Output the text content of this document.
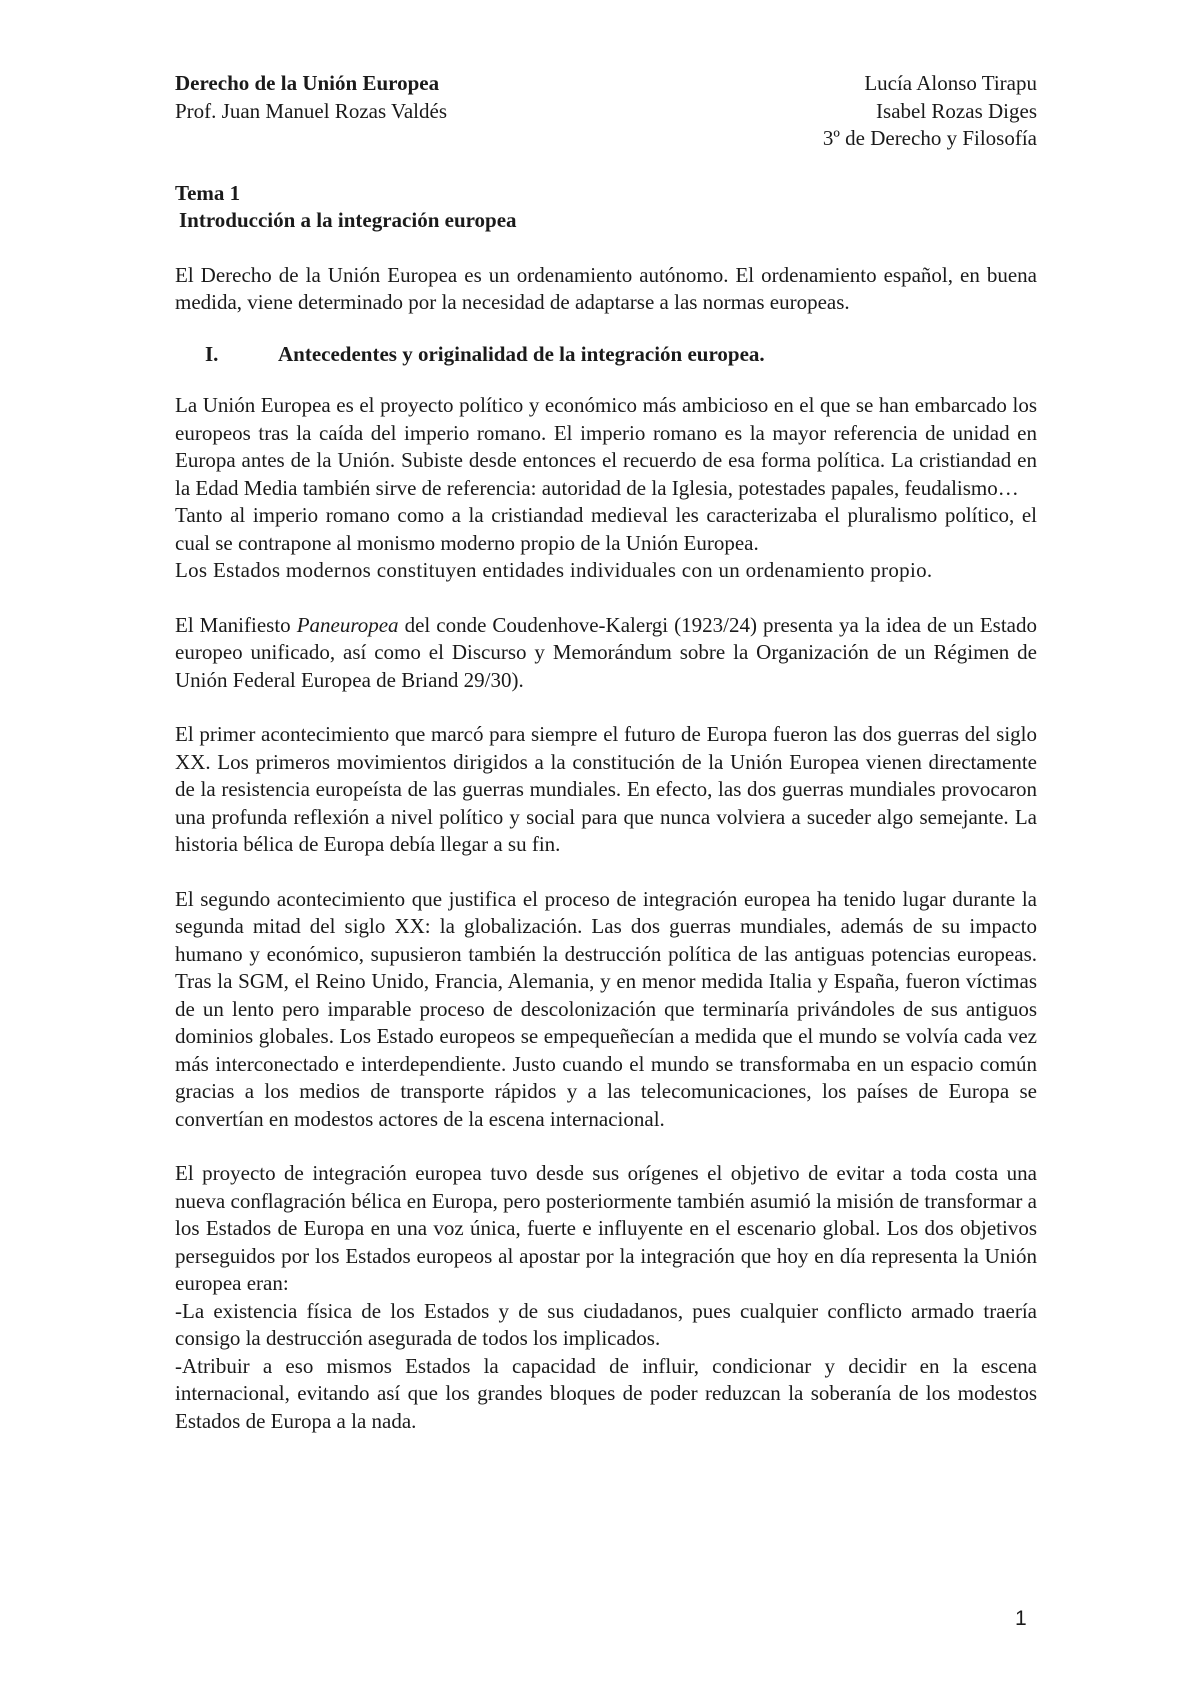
Derecho de la Unión Europea
Prof. Juan Manuel Rozas Valdés
Lucía Alonso Tirapu
Isabel Rozas Diges
3º de Derecho y Filosofía
Tema 1
Introducción a la integración europea

El Derecho de la Unión Europea es un ordenamiento autónomo. El ordenamiento español, en buena medida, viene determinado por la necesidad de adaptarse a las normas europeas.

I.	Antecedentes y originalidad de la integración europea.

La Unión Europea es el proyecto político y económico más ambicioso en el que se han embarcado los europeos tras la caída del imperio romano. El imperio romano es la mayor referencia de unidad en Europa antes de la Unión. Subiste desde entonces el recuerdo de esa forma política. La cristiandad en la Edad Media también sirve de referencia: autoridad de la Iglesia, potestades papales, feudalismo…

Tanto al imperio romano como a la cristiandad medieval les caracterizaba el pluralismo político, el cual se contrapone al monismo moderno propio de la Unión Europea.

Los Estados modernos constituyen entidades individuales con un ordenamiento propio.

El Manifiesto Paneuropea del conde Coudenhove-Kalergi (1923/24) presenta ya la idea de un Estado europeo unificado, así como el Discurso y Memorándum sobre la Organización de un Régimen de Unión Federal Europea de Briand 29/30).

El primer acontecimiento que marcó para siempre el futuro de Europa fueron las dos guerras del siglo XX. Los primeros movimientos dirigidos a la constitución de la Unión Europea vienen directamente de la resistencia europeísta de las guerras mundiales. En efecto, las dos guerras mundiales provocaron una profunda reflexión a nivel político y social para que nunca volviera a suceder algo semejante. La historia bélica de Europa debía llegar a su fin.

El segundo acontecimiento que justifica el proceso de integración europea ha tenido lugar durante la segunda mitad del siglo XX: la globalización. Las dos guerras mundiales, además de su impacto humano y económico, supusieron también la destrucción política de las antiguas potencias europeas. Tras la SGM, el Reino Unido, Francia, Alemania, y en menor medida Italia y España, fueron víctimas de un lento pero imparable proceso de descolonización que terminaría privándoles de sus antiguos dominios globales. Los Estado europeos se empequeñecían a medida que el mundo se volvía cada vez más interconectado e interdependiente. Justo cuando el mundo se transformaba en un espacio común gracias a los medios de transporte rápidos y a las telecomunicaciones, los países de Europa se convertían en modestos actores de la escena internacional.

El proyecto de integración europea tuvo desde sus orígenes el objetivo de evitar a toda costa una nueva conflagración bélica en Europa, pero posteriormente también asumió la misión de transformar a los Estados de Europa en una voz única, fuerte e influyente en el escenario global. Los dos objetivos perseguidos por los Estados europeos al apostar por la integración que hoy en día representa la Unión europea eran:

-La existencia física de los Estados y de sus ciudadanos, pues cualquier conflicto armado traería consigo la destrucción asegurada de todos los implicados.

-Atribuir a eso mismos Estados la capacidad de influir, condicionar y decidir en la escena internacional, evitando así que los grandes bloques de poder reduzcan la soberanía de los modestos Estados de Europa a la nada.

1
